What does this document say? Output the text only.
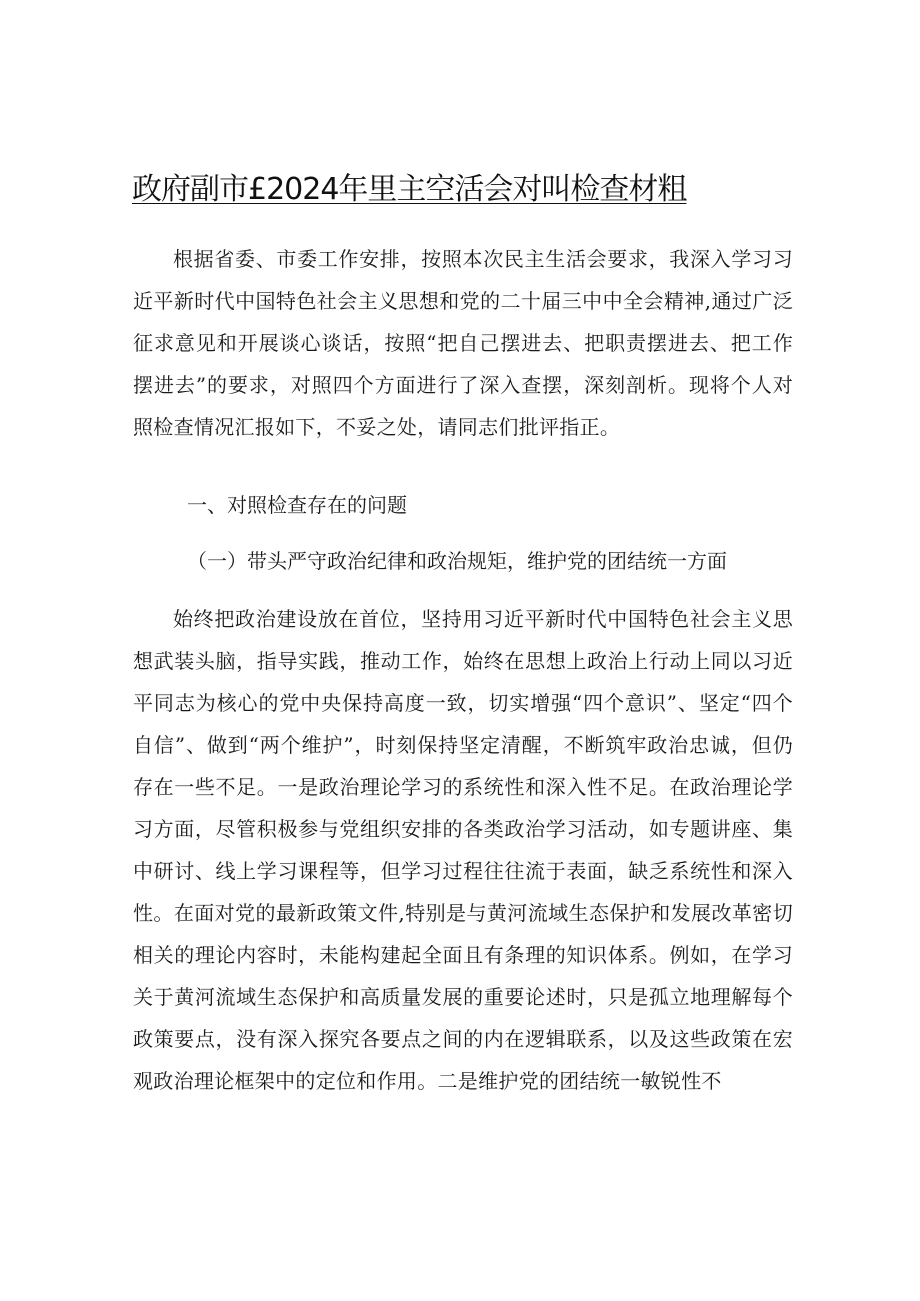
政府副市£2024年里主空活会对叫检查材粗

根据省委、市委工作安排，按照本次民主生活会要求，我深入学习习近平新时代中国特色社会主义思想和党的二十届三中中全会精神,通过广泛征求意见和开展谈心谈话，按照“把自己摆进去、把职责摆进去、把工作摆进去”的要求，对照四个方面进行了深入查摆，深刻剖析。现将个人对照检查情况汇报如下，不妥之处，请同志们批评指正。

一、对照检查存在的问题
（一）带头严守政治纪律和政治规矩，维护党的团结统一方面

始终把政治建设放在首位，坚持用习近平新时代中国特色社会主义思想武装头脑，指导实践，推动工作，始终在思想上政治上行动上同以习近平同志为核心的党中央保持高度一致，切实增强“四个意识”、坚定“四个自信”、做到“两个维护”，时刻保持坚定清醒，不断筑牢政治忠诚，但仍存在一些不足。一是政治理论学习的系统性和深入性不足。在政治理论学习方面，尽管积极参与党组织安排的各类政治学习活动，如专题讲座、集中研讨、线上学习课程等，但学习过程往往流于表面，缺乏系统性和深入性。在面对党的最新政策文件,特别是与黄河流域生态保护和发展改革密切相关的理论内容时，未能构建起全面且有条理的知识体系。例如，在学习关于黄河流域生态保护和高质量发展的重要论述时，只是孤立地理解每个政策要点，没有深入探究各要点之间的内在逻辑联系，以及这些政策在宏观政治理论框架中的定位和作用。二是维护党的团结统一敏锐性不
